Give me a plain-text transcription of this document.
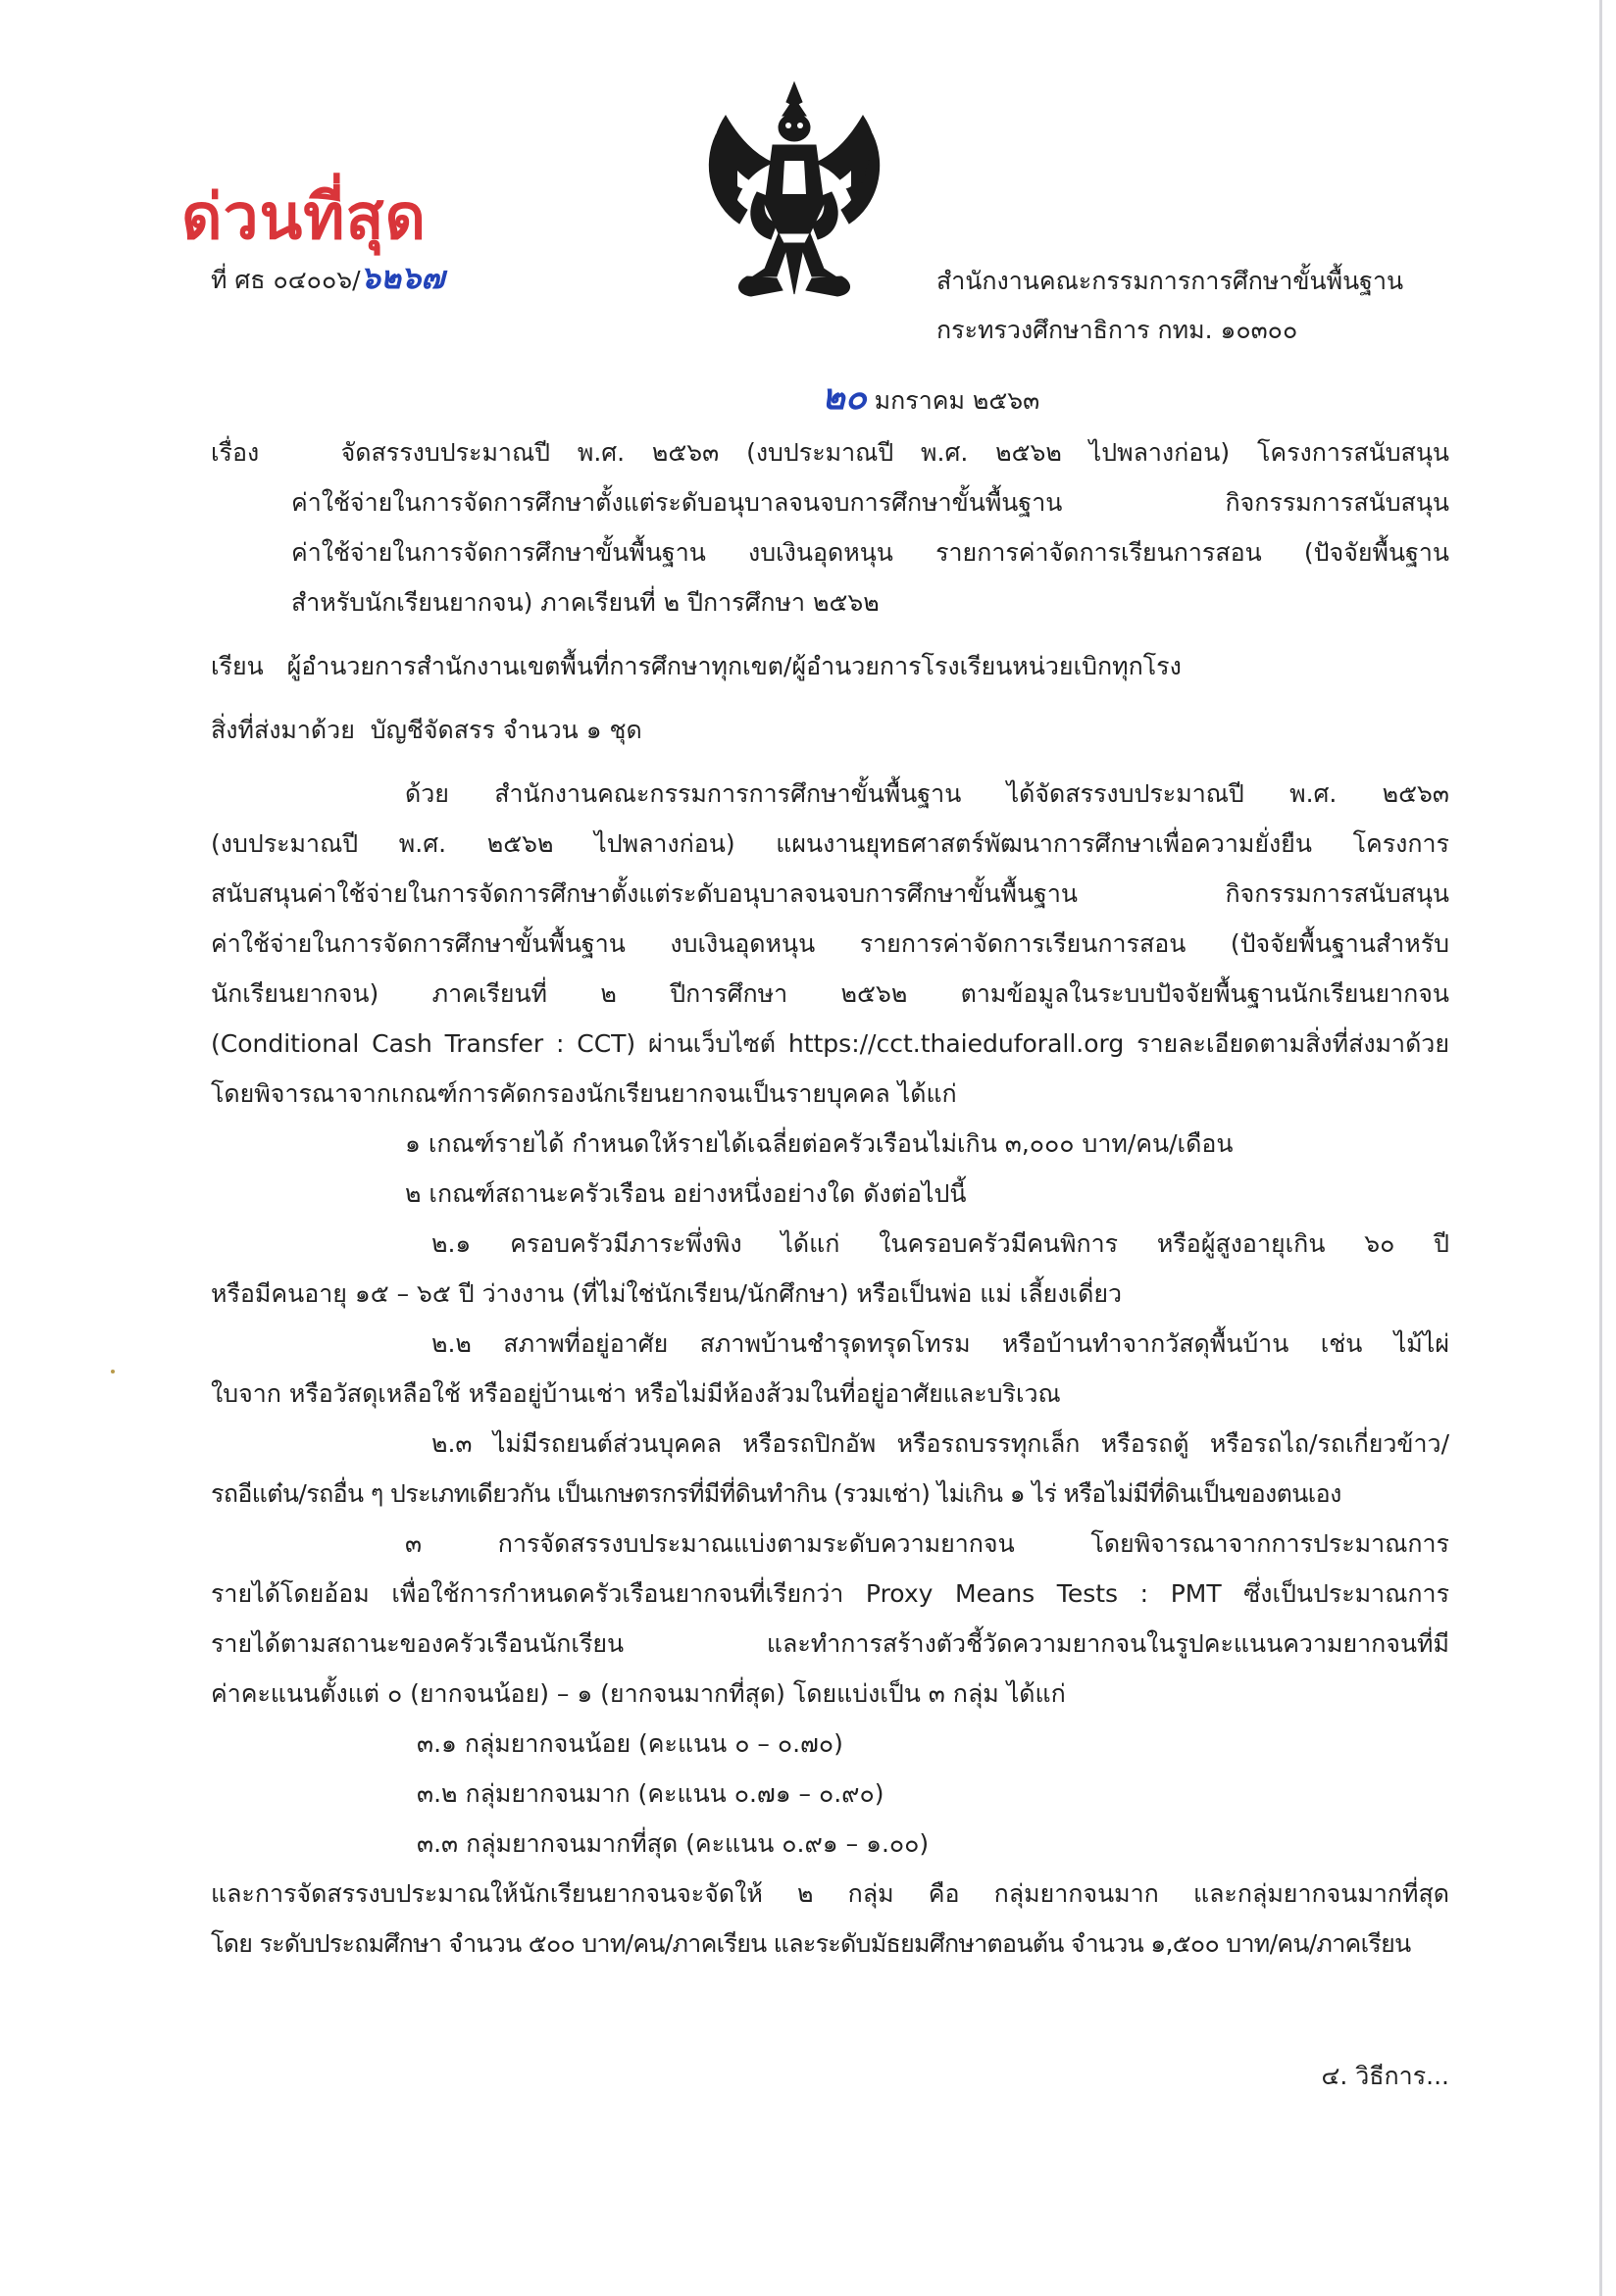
ด่วนที่สุด
ที่ ศธ ๐๔๐๐๖/๖๒๖๗	สำนักงานคณะกรรมการการศึกษาขั้นพื้นฐาน
กระทรวงศึกษาธิการ กทม. ๑๐๓๐๐
๒๐ มกราคม ๒๕๖๓
เรื่อง	จัดสรรงบประมาณปี พ.ศ. ๒๕๖๓ (งบประมาณปี พ.ศ. ๒๕๖๒ ไปพลางก่อน) โครงการสนับสนุน
ค่าใช้จ่ายในการจัดการศึกษาตั้งแต่ระดับอนุบาลจนจบการศึกษาขั้นพื้นฐาน กิจกรรมการสนับสนุน
ค่าใช้จ่ายในการจัดการศึกษาขั้นพื้นฐาน งบเงินอุดหนุน รายการค่าจัดการเรียนการสอน (ปัจจัยพื้นฐาน
สำหรับนักเรียนยากจน) ภาคเรียนที่ ๒ ปีการศึกษา ๒๕๖๒
เรียน ผู้อำนวยการสำนักงานเขตพื้นที่การศึกษาทุกเขต/ผู้อำนวยการโรงเรียนหน่วยเบิกทุกโรง
สิ่งที่ส่งมาด้วย บัญชีจัดสรร จำนวน ๑ ชุด
ด้วย สำนักงานคณะกรรมการการศึกษาขั้นพื้นฐาน ได้จัดสรรงบประมาณปี พ.ศ. ๒๕๖๓
(งบประมาณปี พ.ศ. ๒๕๖๒ ไปพลางก่อน) แผนงานยุทธศาสตร์พัฒนาการศึกษาเพื่อความยั่งยืน โครงการ
สนับสนุนค่าใช้จ่ายในการจัดการศึกษาตั้งแต่ระดับอนุบาลจนจบการศึกษาขั้นพื้นฐาน กิจกรรมการสนับสนุน
ค่าใช้จ่ายในการจัดการศึกษาขั้นพื้นฐาน งบเงินอุดหนุน รายการค่าจัดการเรียนการสอน (ปัจจัยพื้นฐานสำหรับ
นักเรียนยากจน) ภาคเรียนที่ ๒ ปีการศึกษา ๒๕๖๒ ตามข้อมูลในระบบปัจจัยพื้นฐานนักเรียนยากจน
(Conditional Cash Transfer : CCT) ผ่านเว็บไซต์ https://cct.thaieduforall.org รายละเอียดตามสิ่งที่ส่งมาด้วย
โดยพิจารณาจากเกณฑ์การคัดกรองนักเรียนยากจนเป็นรายบุคคล ได้แก่
๑ เกณฑ์รายได้ กำหนดให้รายได้เฉลี่ยต่อครัวเรือนไม่เกิน ๓,๐๐๐ บาท/คน/เดือน
๒ เกณฑ์สถานะครัวเรือน อย่างหนึ่งอย่างใด ดังต่อไปนี้
๒.๑ ครอบครัวมีภาระพึ่งพิง ได้แก่ ในครอบครัวมีคนพิการ หรือผู้สูงอายุเกิน ๖๐ ปี
หรือมีคนอายุ ๑๕ – ๖๕ ปี ว่างงาน (ที่ไม่ใช่นักเรียน/นักศึกษา) หรือเป็นพ่อ แม่ เลี้ยงเดี่ยว
๒.๒ สภาพที่อยู่อาศัย สภาพบ้านชำรุดทรุดโทรม หรือบ้านทำจากวัสดุพื้นบ้าน เช่น ไม้ไผ่
ใบจาก หรือวัสดุเหลือใช้ หรืออยู่บ้านเช่า หรือไม่มีห้องส้วมในที่อยู่อาศัยและบริเวณ
๒.๓ ไม่มีรถยนต์ส่วนบุคคล หรือรถปิกอัพ หรือรถบรรทุกเล็ก หรือรถตู้ หรือรถไถ/รถเกี่ยวข้าว/
รถอีแต๋น/รถอื่น ๆ ประเภทเดียวกัน เป็นเกษตรกรที่มีที่ดินทำกิน (รวมเช่า) ไม่เกิน ๑ ไร่ หรือไม่มีที่ดินเป็นของตนเอง
๓ การจัดสรรงบประมาณแบ่งตามระดับความยากจน โดยพิจารณาจากการประมาณการ
รายได้โดยอ้อม เพื่อใช้การกำหนดครัวเรือนยากจนที่เรียกว่า Proxy Means Tests : PMT ซึ่งเป็นประมาณการ
รายได้ตามสถานะของครัวเรือนนักเรียน และทำการสร้างตัวชี้วัดความยากจนในรูปคะแนนความยากจนที่มี
ค่าคะแนนตั้งแต่ ๐ (ยากจนน้อย) – ๑ (ยากจนมากที่สุด) โดยแบ่งเป็น ๓ กลุ่ม ได้แก่
๓.๑ กลุ่มยากจนน้อย (คะแนน ๐ – ๐.๗๐)
๓.๒ กลุ่มยากจนมาก (คะแนน ๐.๗๑ – ๐.๙๐)
๓.๓ กลุ่มยากจนมากที่สุด (คะแนน ๐.๙๑ – ๑.๐๐)
และการจัดสรรงบประมาณให้นักเรียนยากจนจะจัดให้ ๒ กลุ่ม คือ กลุ่มยากจนมาก และกลุ่มยากจนมากที่สุด
โดย ระดับประถมศึกษา จำนวน ๕๐๐ บาท/คน/ภาคเรียน และระดับมัธยมศึกษาตอนต้น จำนวน ๑,๕๐๐ บาท/คน/ภาคเรียน
๔. วิธีการ...
